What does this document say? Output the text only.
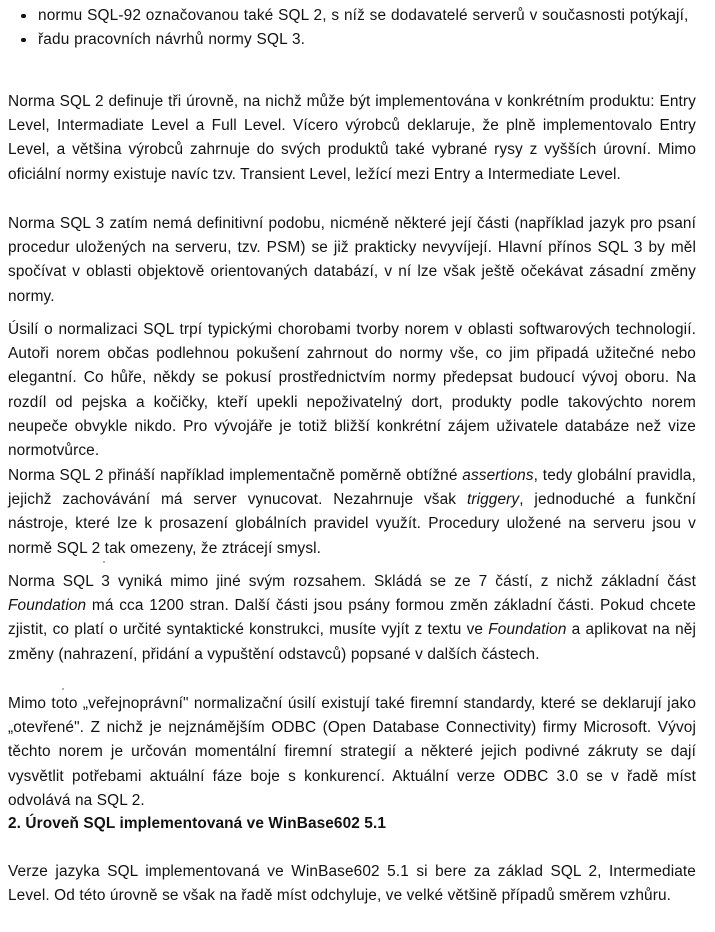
normu SQL-92 označovanou také SQL 2, s níž se dodavatelé serverů v současnosti potýkají,
řadu pracovních návrhů normy SQL 3.

Norma SQL 2 definuje tři úrovně, na nichž může být implementována v konkrétním produktu: Entry Level, Intermadiate Level a Full Level. Vícero výrobců deklaruje, že plně implementovalo Entry Level, a většina výrobců zahrnuje do svých produktů také vybrané rysy z vyšších úrovní. Mimo oficiální normy existuje navíc tzv. Transient Level, ležící mezi Entry a Intermediate Level.

Norma SQL 3 zatím nemá definitivní podobu, nicméně některé její části (například jazyk pro psaní procedur uložených na serveru, tzv. PSM) se již prakticky nevyvíjejí. Hlavní přínos SQL 3 by měl spočívat v oblasti objektově orientovaných databází, v ní lze však ještě očekávat zásadní změny normy.

Úsilí o normalizaci SQL trpí typickými chorobami tvorby norem v oblasti softwarových technologií. Autoři norem občas podlehnou pokušení zahrnout do normy vše, co jim připadá užitečné nebo elegantní. Co hůře, někdy se pokusí prostřednictvím normy předepsat budoucí vývoj oboru. Na rozdíl od pejska a kočičky, kteří upekli nepoživatelný dort, produkty podle takovýchto norem neupeče obvykle nikdo. Pro vývojáře je totiž bližší konkrétní zájem uživatele databáze než vize normotvůrce.

Norma SQL 2 přináší například implementačně poměrně obtížné assertions, tedy globální pravidla, jejichž zachovávání má server vynucovat. Nezahrnuje však triggery, jednoduché a funkční nástroje, které lze k prosazení globálních pravidel využít. Procedury uložené na serveru jsou v normě SQL 2 tak omezeny, že ztrácejí smysl.

Norma SQL 3 vyniká mimo jiné svým rozsahem. Skládá se ze 7 částí, z nichž základní část Foundation má cca 1200 stran. Další části jsou psány formou změn základní části. Pokud chcete zjistit, co platí o určité syntaktické konstrukci, musíte vyjít z textu ve Foundation a aplikovat na něj změny (nahrazení, přidání a vypuštění odstavců) popsané v dalších částech.

Mimo toto „veřejnoprávní" normalizační úsilí existují také firemní standardy, které se deklarují jako „otevřené". Z nichž je nejznámějším ODBC (Open Database Connectivity) firmy Microsoft. Vývoj těchto norem je určován momentální firemní strategií a některé jejich podivné zákruty se dají vysvětlit potřebami aktuální fáze boje s konkurencí. Aktuální verze ODBC 3.0 se v řadě míst odvolává na SQL 2.

2. Úroveň SQL implementovaná ve WinBase602 5.1

Verze jazyka SQL implementovaná ve WinBase602 5.1 si bere za základ SQL 2, Intermediate Level. Od této úrovně se však na řadě míst odchyluje, ve velké většině případů směrem vzhůru.
